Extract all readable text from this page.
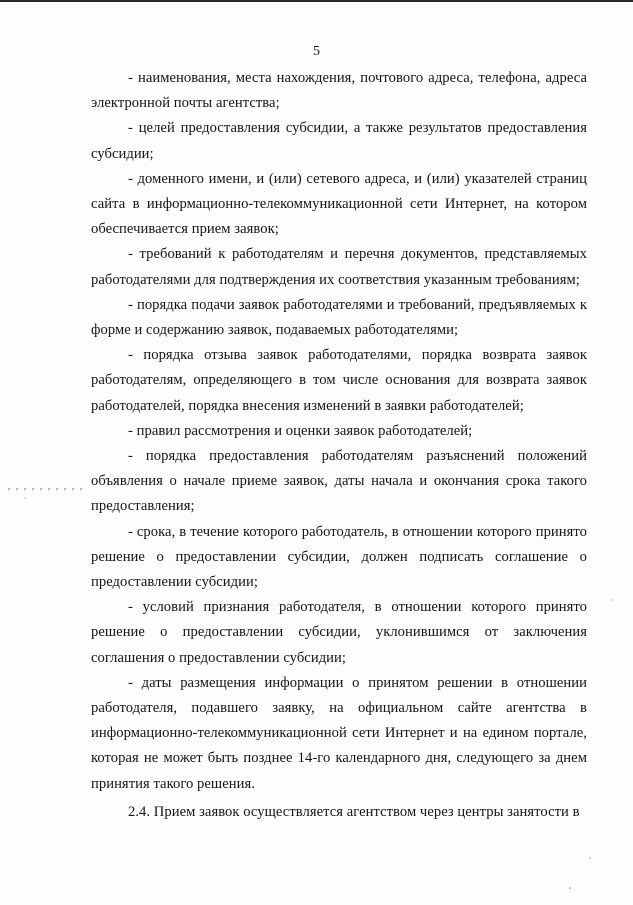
5

- наименования, места нахождения, почтового адреса, телефона, адреса электронной почты агентства;

- целей предоставления субсидии, а также результатов предоставления субсидии;

- доменного имени, и (или) сетевого адреса, и (или) указателей страниц сайта в информационно-телекоммуникационной сети Интернет, на котором обеспечивается прием заявок;

- требований к работодателям и перечня документов, представляемых работодателями для подтверждения их соответствия указанным требованиям;

- порядка подачи заявок работодателями и требований, предъявляемых к форме и содержанию заявок, подаваемых работодателями;

- порядка отзыва заявок работодателями, порядка возврата заявок работодателям, определяющего в том числе основания для возврата заявок работодателей, порядка внесения изменений в заявки работодателей;

- правил рассмотрения и оценки заявок работодателей;

- порядка предоставления работодателям разъяснений положений объявления о начале приеме заявок, даты начала и окончания срока такого предоставления;

- срока, в течение которого работодатель, в отношении которого принято решение о предоставлении субсидии, должен подписать соглашение о предоставлении субсидии;

- условий признания работодателя, в отношении которого принято решение о предоставлении субсидии, уклонившимся от заключения соглашения о предоставлении субсидии;

- даты размещения информации о принятом решении в отношении работодателя, подавшего заявку, на официальном сайте агентства в информационно-телекоммуникационной сети Интернет и на едином портале, которая не может быть позднее 14-го календарного дня, следующего за днем принятия такого решения.

2.4. Прием заявок осуществляется агентством через центры занятости в
